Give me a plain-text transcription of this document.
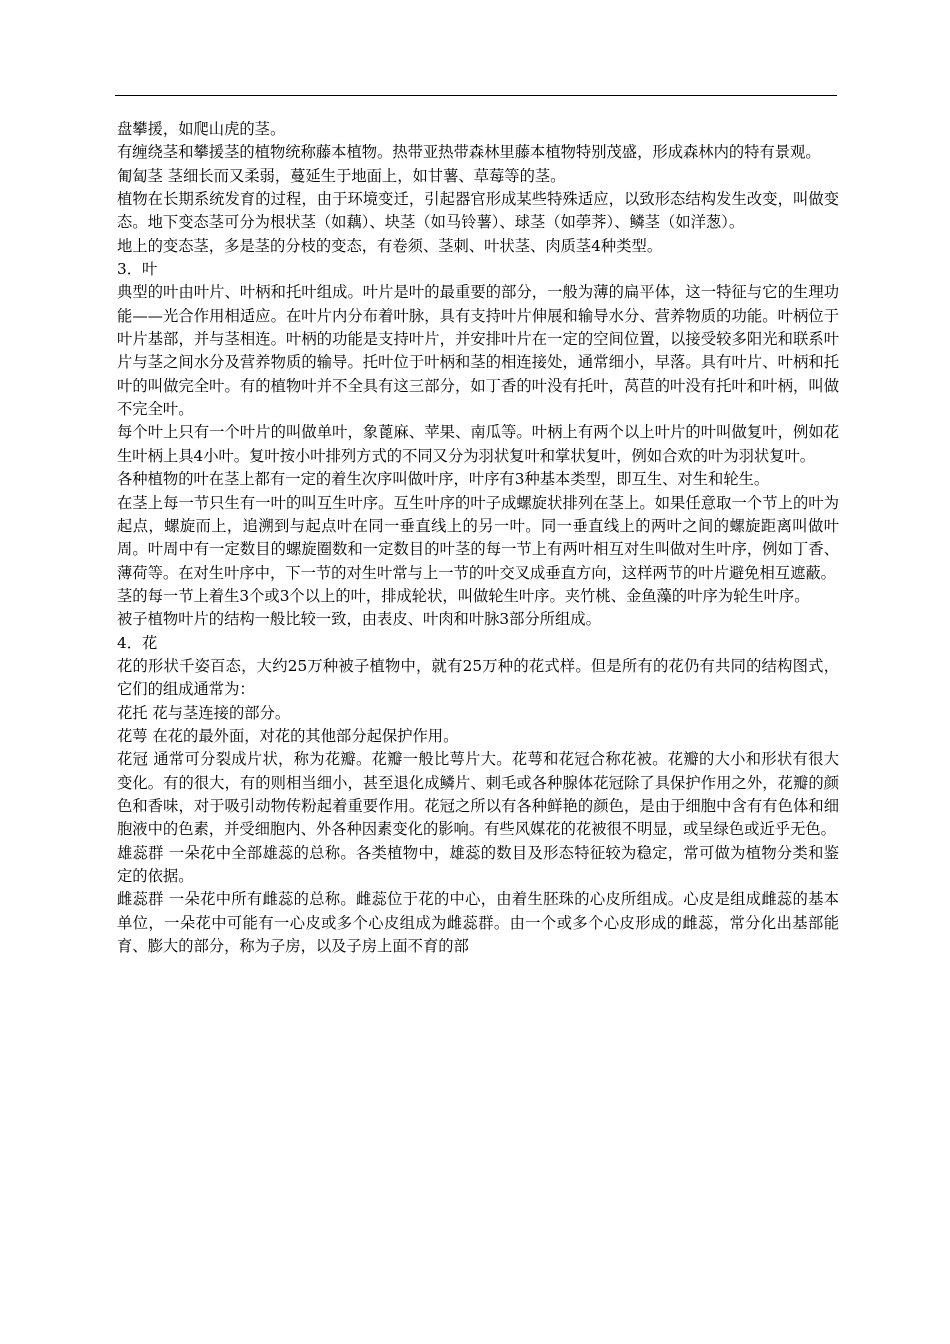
盘攀援，如爬山虎的茎。

有缠绕茎和攀援茎的植物统称藤本植物。热带亚热带森林里藤本植物特别茂盛，形成森林内的特有景观。

匍匐茎 茎细长而又柔弱，蔓延生于地面上，如甘薯、草莓等的茎。

植物在长期系统发育的过程，由于环境变迁，引起器官形成某些特殊适应，以致形态结构发生改变，叫做变态。地下变态茎可分为根状茎（如藕）、块茎（如马铃薯）、球茎（如荸荠）、鳞茎（如洋葱）。

地上的变态茎，多是茎的分枝的变态，有卷须、茎刺、叶状茎、肉质茎4种类型。

3．叶

典型的叶由叶片、叶柄和托叶组成。叶片是叶的最重要的部分，一般为薄的扁平体，这一特征与它的生理功能——光合作用相适应。在叶片内分布着叶脉，具有支持叶片伸展和输导水分、营养物质的功能。叶柄位于叶片基部，并与茎相连。叶柄的功能是支持叶片，并安排叶片在一定的空间位置，以接受较多阳光和联系叶片与茎之间水分及营养物质的输导。托叶位于叶柄和茎的相连接处，通常细小，早落。具有叶片、叶柄和托叶的叫做完全叶。有的植物叶并不全具有这三部分，如丁香的叶没有托叶，莴苣的叶没有托叶和叶柄，叫做不完全叶。

每个叶上只有一个叶片的叫做单叶，象蓖麻、苹果、南瓜等。叶柄上有两个以上叶片的叶叫做复叶，例如花生叶柄上具4小叶。复叶按小叶排列方式的不同又分为羽状复叶和掌状复叶，例如合欢的叶为羽状复叶。

各种植物的叶在茎上都有一定的着生次序叫做叶序，叶序有3种基本类型，即互生、对生和轮生。

在茎上每一节只生有一叶的叫互生叶序。互生叶序的叶子成螺旋状排列在茎上。如果任意取一个节上的叶为起点，螺旋而上，追溯到与起点叶在同一垂直线上的另一叶。同一垂直线上的两叶之间的螺旋距离叫做叶周。叶周中有一定数目的螺旋圈数和一定数目的叶茎的每一节上有两叶相互对生叫做对生叶序，例如丁香、薄荷等。在对生叶序中，下一节的对生叶常与上一节的叶交叉成垂直方向，这样两节的叶片避免相互遮蔽。

茎的每一节上着生3个或3个以上的叶，排成轮状，叫做轮生叶序。夹竹桃、金鱼藻的叶序为轮生叶序。

被子植物叶片的结构一般比较一致，由表皮、叶肉和叶脉3部分所组成。

4．花

花的形状千姿百态，大约25万种被子植物中，就有25万种的花式样。但是所有的花仍有共同的结构图式，它们的组成通常为：

花托 花与茎连接的部分。

花萼 在花的最外面，对花的其他部分起保护作用。

花冠 通常可分裂成片状，称为花瓣。花瓣一般比萼片大。花萼和花冠合称花被。花瓣的大小和形状有很大变化。有的很大，有的则相当细小，甚至退化成鳞片、刺毛或各种腺体花冠除了具保护作用之外，花瓣的颜色和香味，对于吸引动物传粉起着重要作用。花冠之所以有各种鲜艳的颜色，是由于细胞中含有有色体和细胞液中的色素，并受细胞内、外各种因素变化的影响。有些风媒花的花被很不明显，或呈绿色或近乎无色。

雄蕊群 一朵花中全部雄蕊的总称。各类植物中，雄蕊的数目及形态特征较为稳定，常可做为植物分类和鉴定的依据。

雌蕊群 一朵花中所有雌蕊的总称。雌蕊位于花的中心，由着生胚珠的心皮所组成。心皮是组成雌蕊的基本单位，一朵花中可能有一心皮或多个心皮组成为雌蕊群。由一个或多个心皮形成的雌蕊，常分化出基部能育、膨大的部分，称为子房，以及子房上面不育的部
